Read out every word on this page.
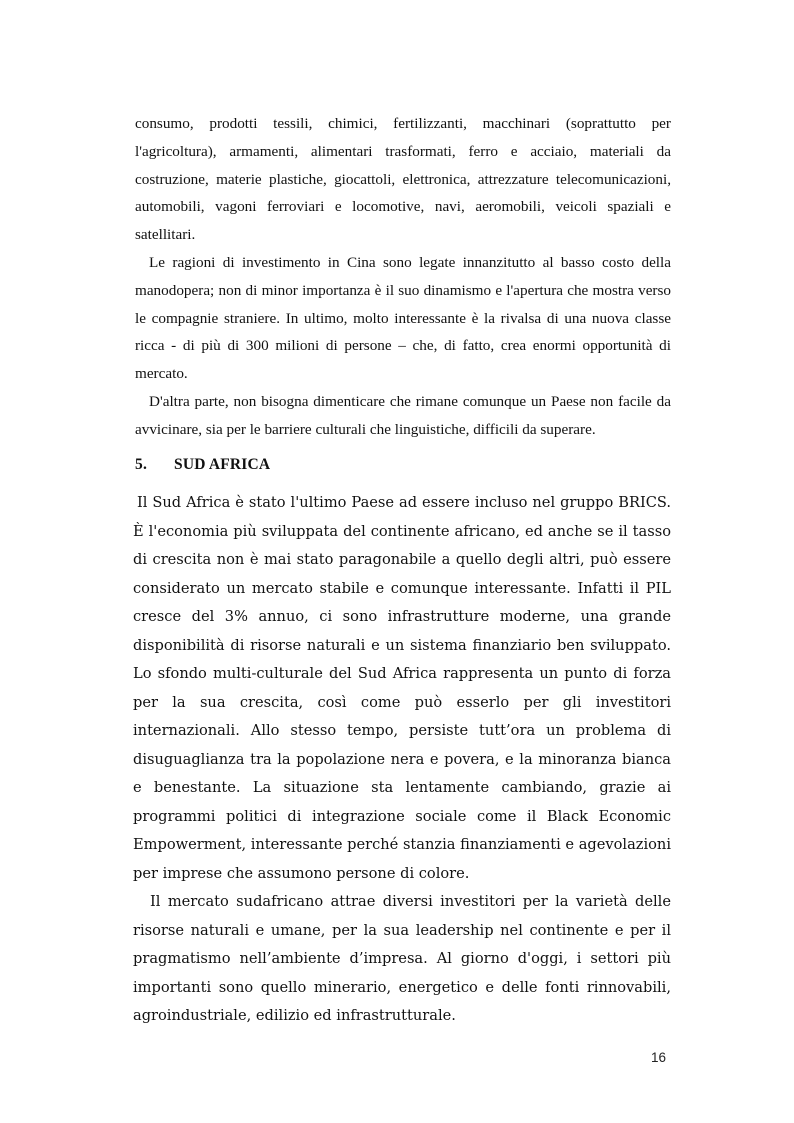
consumo, prodotti tessili, chimici, fertilizzanti, macchinari (soprattutto per l'agricoltura), armamenti, alimentari trasformati, ferro e acciaio, materiali da costruzione, materie plastiche, giocattoli, elettronica, attrezzature telecomunicazioni, automobili, vagoni ferroviari e locomotive, navi, aeromobili, veicoli spaziali e satellitari.

Le ragioni di investimento in Cina sono legate innanzitutto al basso costo della manodopera; non di minor importanza è il suo dinamismo e l'apertura che mostra verso le compagnie straniere. In ultimo, molto interessante è la rivalsa di una nuova classe ricca - di più di 300 milioni di persone – che, di fatto, crea enormi opportunità di mercato.

D'altra parte, non bisogna dimenticare che rimane comunque un Paese non facile da avvicinare, sia per le barriere culturali che linguistiche, difficili da superare.

5. SUD AFRICA

Il Sud Africa è stato l'ultimo Paese ad essere incluso nel gruppo BRICS. È l'economia più sviluppata del continente africano, ed anche se il tasso di crescita non è mai stato paragonabile a quello degli altri, può essere considerato un mercato stabile e comunque interessante. Infatti il PIL cresce del 3% annuo, ci sono infrastrutture moderne, una grande disponibilità di risorse naturali e un sistema finanziario ben sviluppato. Lo sfondo multi-culturale del Sud Africa rappresenta un punto di forza per la sua crescita, così come può esserlo per gli investitori internazionali. Allo stesso tempo, persiste tutt’ora un problema di disuguaglianza tra la popolazione nera e povera, e la minoranza bianca e benestante. La situazione sta lentamente cambiando, grazie ai programmi politici di integrazione sociale come il Black Economic Empowerment, interessante perché stanzia finanziamenti e agevolazioni per imprese che assumono persone di colore.

Il mercato sudafricano attrae diversi investitori per la varietà delle risorse naturali e umane, per la sua leadership nel continente e per il pragmatismo nell’ambiente d’impresa. Al giorno d'oggi, i settori più importanti sono quello minerario, energetico e delle fonti rinnovabili, agroindustriale, edilizio ed infrastrutturale.

16
